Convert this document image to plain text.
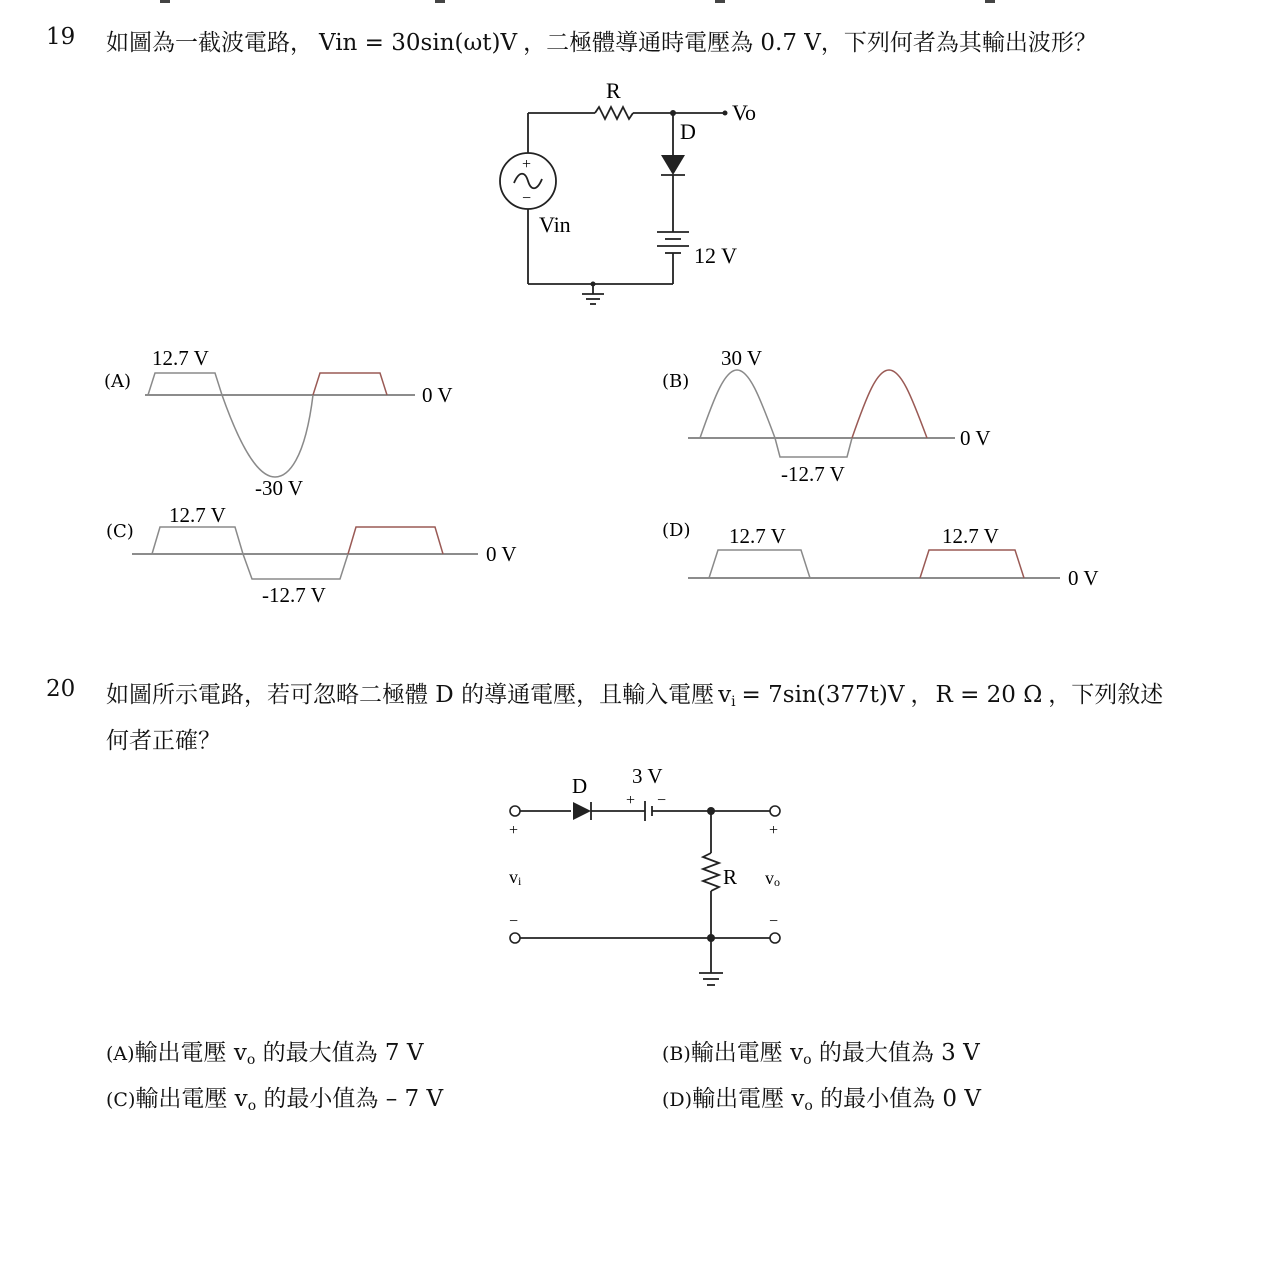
19 如圖為一截波電路， Vin = 30sin(ωt)V ，二極體導通時電壓為 0.7 V，下列何者為其輸出波形？
R
Vo
D
Vin
12 V
+
−
(A)
12.7 V
-30 V
0 V
(B)
30 V
-12.7 V
0 V
(C)
12.7 V
-12.7 V
0 V
(D) 12.7 V	12.7 V
0 V
20 如圖所示電路，若可忽略二極體 D 的導通電壓，且輸入電壓 $v_i = 7\sin(377t)V$ ，R = 20 Ω ，下列敘述
何者正確？
D 3 V
+ −
R
+
−
+
−
vi	vo
(A)輸出電壓 $v_o$ 的最大值為 7 V	(B)輸出電壓 $v_o$ 的最大值為 3 V
(C)輸出電壓 $v_o$ 的最小值為 – 7 V	(D)輸出電壓 $v_o$ 的最小值為 0 V
